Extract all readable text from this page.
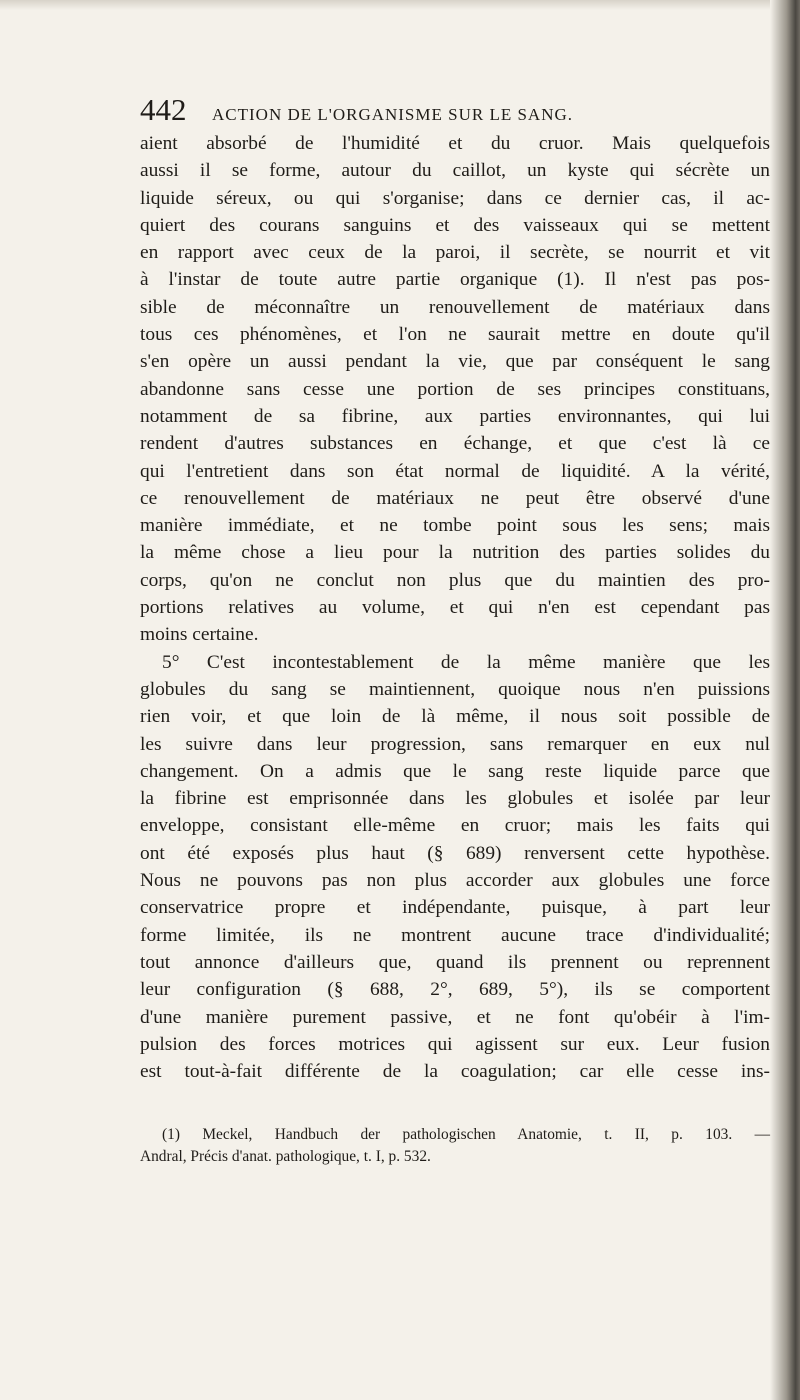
442	ACTION DE L'ORGANISME SUR LE SANG.
aient absorbé de l'humidité et du cruor. Mais quelquefois
aussi il se forme, autour du caillot, un kyste qui sécrète un
liquide séreux, ou qui s'organise; dans ce dernier cas, il ac-
quiert des courans sanguins et des vaisseaux qui se mettent
en rapport avec ceux de la paroi, il secrète, se nourrit et vit
à l'instar de toute autre partie organique (1). Il n'est pas pos-
sible de méconnaître un renouvellement de matériaux dans
tous ces phénomènes, et l'on ne saurait mettre en doute qu'il
s'en opère un aussi pendant la vie, que par conséquent le sang
abandonne sans cesse une portion de ses principes constituans,
notamment de sa fibrine, aux parties environnantes, qui lui
rendent d'autres substances en échange, et que c'est là ce
qui l'entretient dans son état normal de liquidité. A la vérité,
ce renouvellement de matériaux ne peut être observé d'une
manière immédiate, et ne tombe point sous les sens; mais
la même chose a lieu pour la nutrition des parties solides du
corps, qu'on ne conclut non plus que du maintien des pro-
portions relatives au volume, et qui n'en est cependant pas
moins certaine.
5° C'est incontestablement de la même manière que les
globules du sang se maintiennent, quoique nous n'en puissions
rien voir, et que loin de là même, il nous soit possible de
les suivre dans leur progression, sans remarquer en eux nul
changement. On a admis que le sang reste liquide parce que
la fibrine est emprisonnée dans les globules et isolée par leur
enveloppe, consistant elle-même en cruor; mais les faits qui
ont été exposés plus haut (§ 689) renversent cette hypothèse.
Nous ne pouvons pas non plus accorder aux globules une force
conservatrice propre et indépendante, puisque, à part leur
forme limitée, ils ne montrent aucune trace d'individualité;
tout annonce d'ailleurs que, quand ils prennent ou reprennent
leur configuration (§ 688, 2°, 689, 5°), ils se comportent
d'une manière purement passive, et ne font qu'obéir à l'im-
pulsion des forces motrices qui agissent sur eux. Leur fusion
est tout-à-fait différente de la coagulation; car elle cesse ins-
(1) Meckel, Handbuch der pathologischen Anatomie, t. II, p. 103. —
Andral, Précis d'anat. pathologique, t. I, p. 532.
